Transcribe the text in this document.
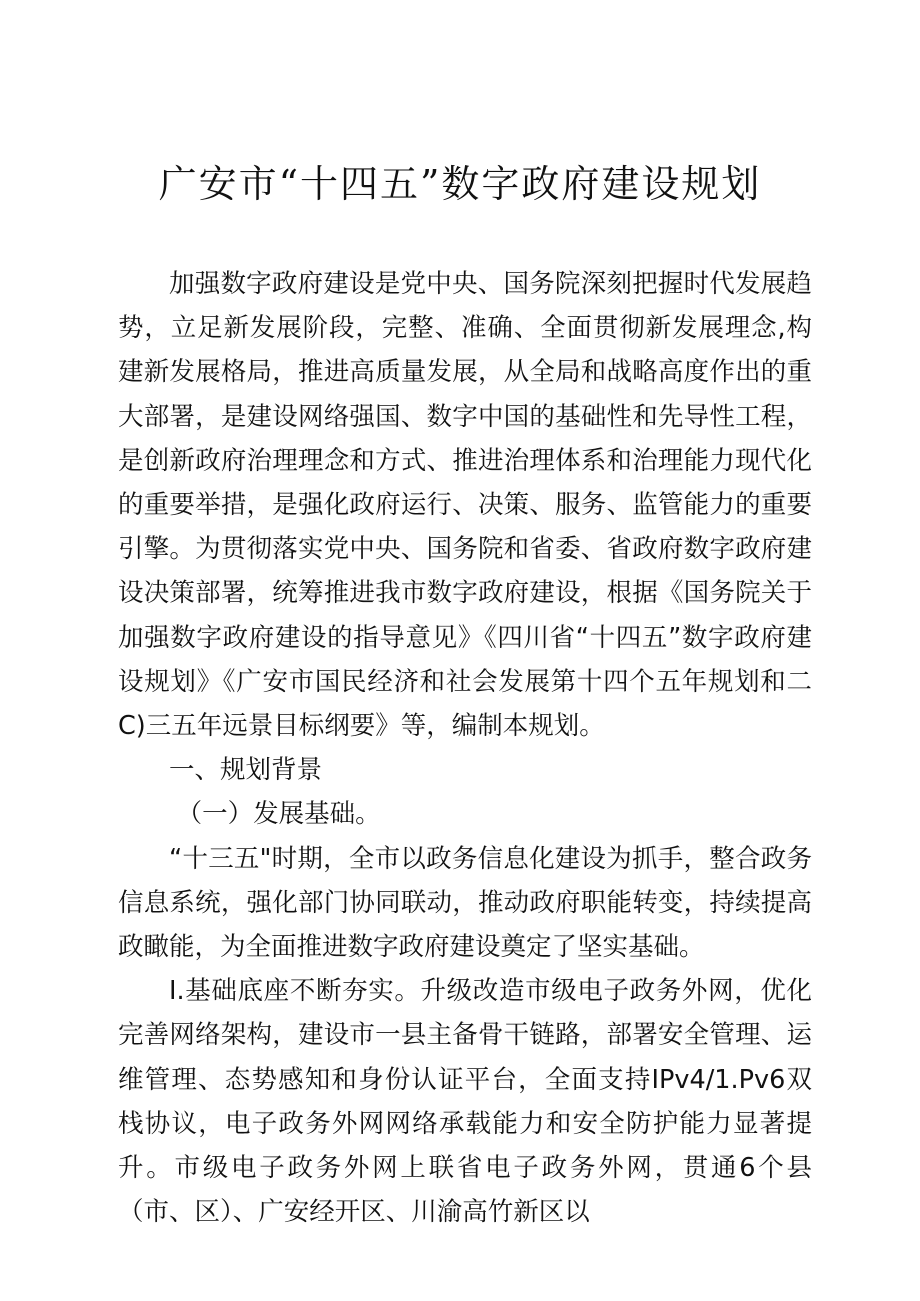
广安市“十四五”数字政府建设规划

加强数字政府建设是党中央、国务院深刻把握时代发展趋势，立足新发展阶段，完整、准确、全面贯彻新发展理念,构建新发展格局，推进高质量发展，从全局和战略高度作出的重大部署，是建设网络强国、数字中国的基础性和先导性工程，是创新政府治理理念和方式、推进治理体系和治理能力现代化的重要举措，是强化政府运行、决策、服务、监管能力的重要引擎。为贯彻落实党中央、国务院和省委、省政府数字政府建设决策部署，统筹推进我市数字政府建设，根据《国务院关于加强数字政府建设的指导意见》《四川省“十四五”数字政府建设规划》《广安市国民经济和社会发展第十四个五年规划和二C)三五年远景目标纲要》等，编制本规划。

一、规划背景

（一）发展基础。

“十三五"时期，全市以政务信息化建设为抓手，整合政务信息系统，强化部门协同联动，推动政府职能转变，持续提高政瞰能，为全面推进数字政府建设奠定了坚实基础。

I.基础底座不断夯实。升级改造市级电子政务外网，优化完善网络架构，建设市一县主备骨干链路，部署安全管理、运维管理、态势感知和身份认证平台，全面支持IPv4/1.Pv6双栈协议，电子政务外网网络承载能力和安全防护能力显著提升。市级电子政务外网上联省电子政务外网，贯通6个县（市、区）、广安经开区、川渝高竹新区以
